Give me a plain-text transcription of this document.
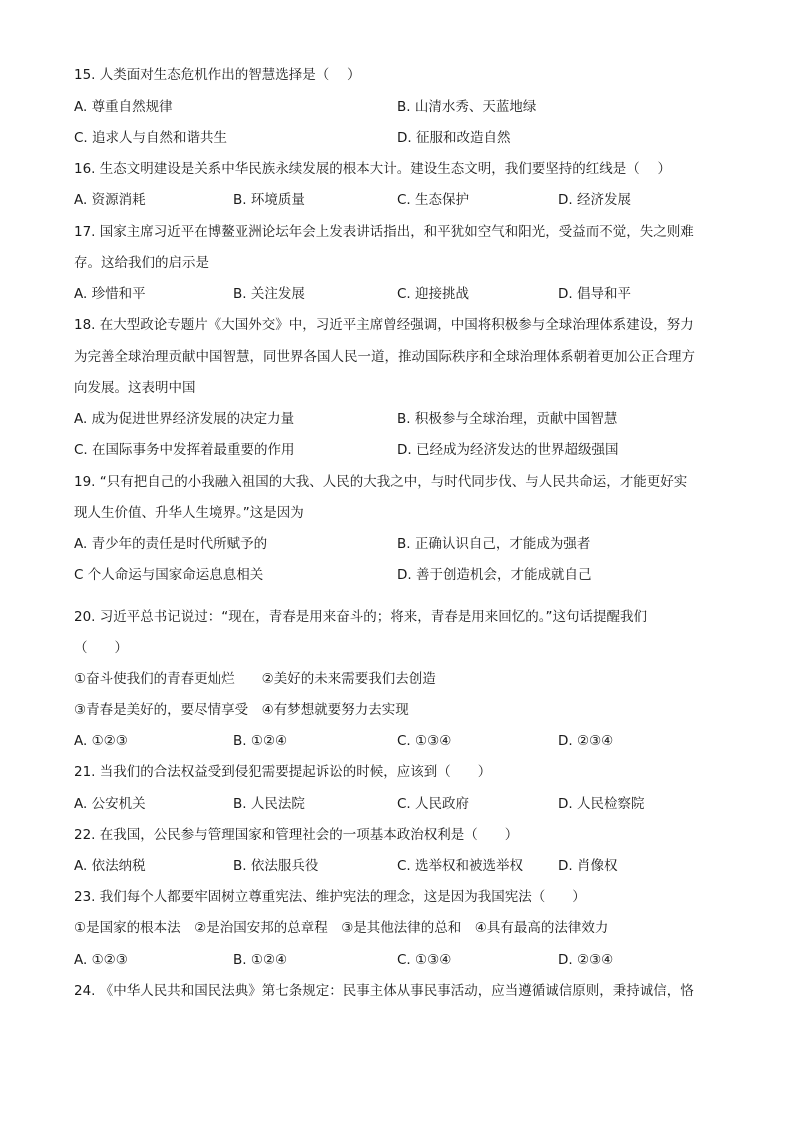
15. 人类面对生态危机作出的智慧选择是（　 ）
A. 尊重自然规律	B. 山清水秀、天蓝地绿
C. 追求人与自然和谐共生	D. 征服和改造自然
16. 生态文明建设是关系中华民族永续发展的根本大计。建设生态文明，我们要坚持的红线是（　 ）
A. 资源消耗	B. 环境质量	C. 生态保护	D. 经济发展
17. 国家主席习近平在博鳌亚洲论坛年会上发表讲话指出，和平犹如空气和阳光，受益而不觉，失之则难
存。这给我们的启示是
A. 珍惜和平	B. 关注发展	C. 迎接挑战	D. 倡导和平
18. 在大型政论专题片《大国外交》中，习近平主席曾经强调，中国将积极参与全球治理体系建设，努力
为完善全球治理贡献中国智慧，同世界各国人民一道，推动国际秩序和全球治理体系朝着更加公正合理方
向发展。这表明中国
A. 成为促进世界经济发展的决定力量	B. 积极参与全球治理，贡献中国智慧
C. 在国际事务中发挥着最重要的作用	D. 已经成为经济发达的世界超级强国
19. “只有把自己的小我融入祖国的大我、人民的大我之中，与时代同步伐、与人民共命运，才能更好实
现人生价值、升华人生境界。”这是因为
A. 青少年的责任是时代所赋予的	B. 正确认识自己，才能成为强者
C 个人命运与国家命运息息相关	D. 善于创造机会，才能成就自己
20. 习近平总书记说过：“现在，青春是用来奋斗的；将来，青春是用来回忆的。”这句话提醒我们
（　　）
①奋斗使我们的青春更灿烂　　②美好的未来需要我们去创造
③青春是美好的，要尽情享受　④有梦想就要努力去实现
A. ①②③	B. ①②④	C. ①③④	D. ②③④
21. 当我们的合法权益受到侵犯需要提起诉讼的时候，应该到（　　）
A. 公安机关	B. 人民法院	C. 人民政府	D. 人民检察院
22. 在我国，公民参与管理国家和管理社会的一项基本政治权利是（　　）
A. 依法纳税	B. 依法服兵役	C. 选举权和被选举权	D. 肖像权
23. 我们每个人都要牢固树立尊重宪法、维护宪法的理念，这是因为我国宪法（　　）
①是国家的根本法　②是治国安邦的总章程　③是其他法律的总和　④具有最高的法律效力
A. ①②③	B. ①②④	C. ①③④	D. ②③④
24. 《中华人民共和国民法典》第七条规定：民事主体从事民事活动，应当遵循诚信原则，秉持诚信，恪
